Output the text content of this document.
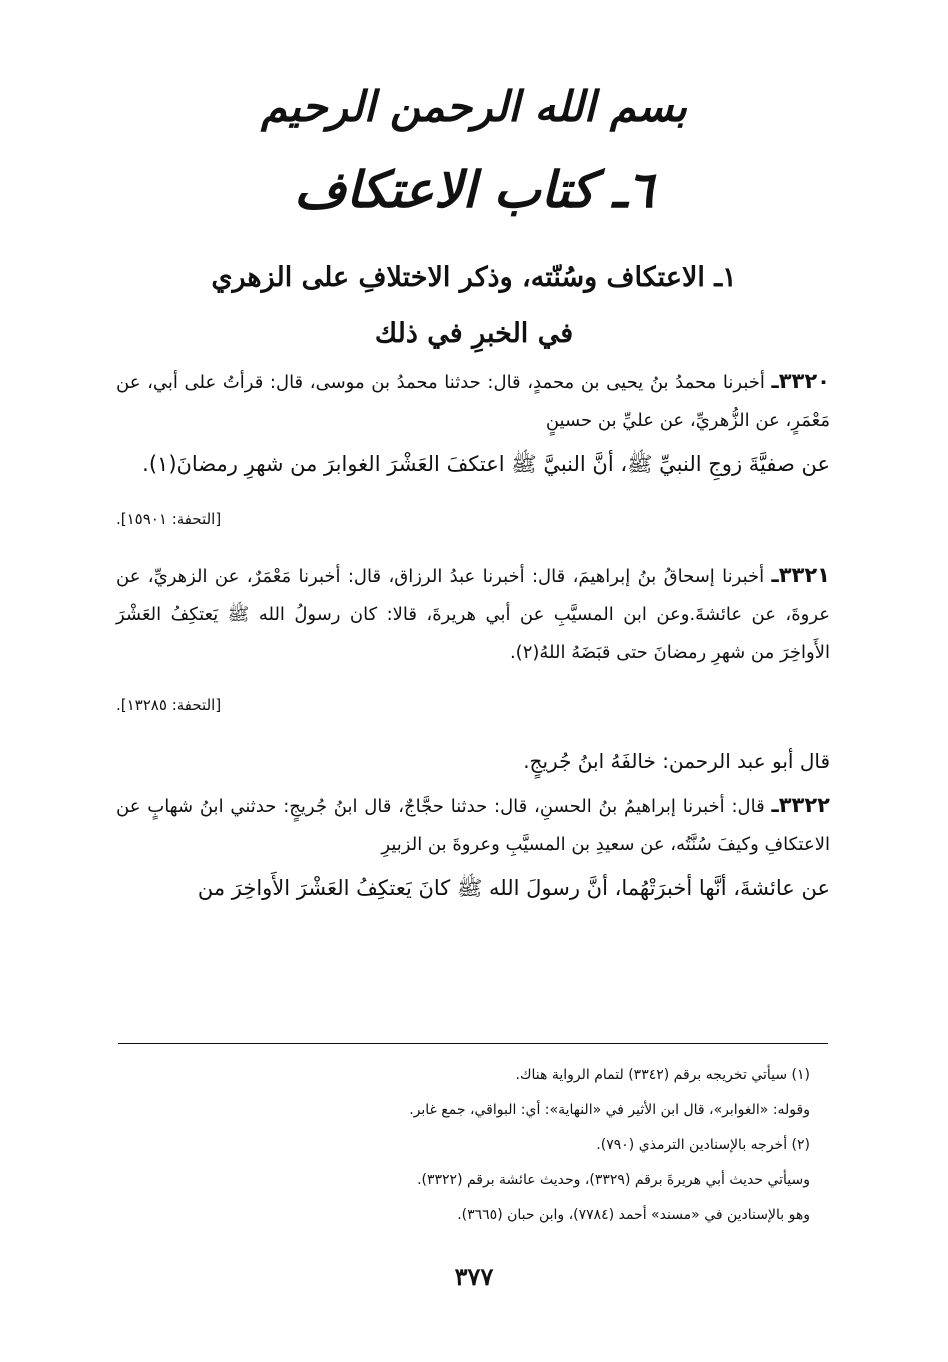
بسم الله الرحمن الرحيم
٦ـ كتاب الاعتكاف
١ـ الاعتكاف وسُنّته، وذكر الاختلافِ على الزهري
في الخبرِ في ذلك

٣٣٢٠ـ أخبرنا محمدُ بنُ يحيى بن محمدٍ، قال: حدثنا محمدُ بن موسى، قال: قرأتُ على أبي، عن مَعْمَرٍ، عن الزُّهريِّ، عن عليِّ بن حسينٍ
عن صفيَّةَ زوجِ النبيِّ ﷺ، أنَّ النبيَّ ﷺ اعتكفَ العَشْرَ الغوابرَ من شهرِ رمضانَ(١).

[التحفة: ١٥٩٠١].

٣٣٢١ـ أخبرنا إسحاقُ بنُ إبراهيمَ، قال: أخبرنا عبدُ الرزاق، قال: أخبرنا مَعْمَرٌ، عن الزهريِّ، عن عروةَ، عن عائشةَ.وعن ابن المسيَّبِ عن أبي هريرةَ، قالا: كان رسولُ الله ﷺ يَعتكِفُ العَشْرَ الأَواخِرَ من شهرِ رمضانَ حتى قبَضَهُ اللهُ(٢).

[التحفة: ١٣٢٨٥].
قال أبو عبد الرحمن: خالفَهُ ابنُ جُريجٍ.

٣٣٢٢ـ قال: أخبرنا إبراهيمُ بنُ الحسنِ، قال: حدثنا حجَّاجٌ، قال ابنُ جُريجٍ: حدثني ابنُ شهابٍ عن الاعتكافِ وكيفَ سُنَّتُه، عن سعيدِ بن المسيَّبِ وعروةَ بن الزبيرِ
عن عائشةَ، أنَّها أخبرَتْهُما، أنَّ رسولَ الله ﷺ كانَ يَعتكِفُ العَشْرَ الأَواخِرَ من

(١) سيأتي تخريجه برقم (٣٣٤٢) لتمام الرواية هناك.
وقوله: «الغوابر»، قال ابن الأثير في «النهاية»: أي: البواقي، جمع غابر.
(٢) أخرجه بالإسنادين الترمذي (٧٩٠).
وسيأتي حديث أبي هريرةَ برقم (٣٣٢٩)، وحديث عائشة برقم (٣٣٢٢).
وهو بالإسنادين في «مسند» أحمد (٧٧٨٤)، وابن حبان (٣٦٦٥).
٣٧٧
